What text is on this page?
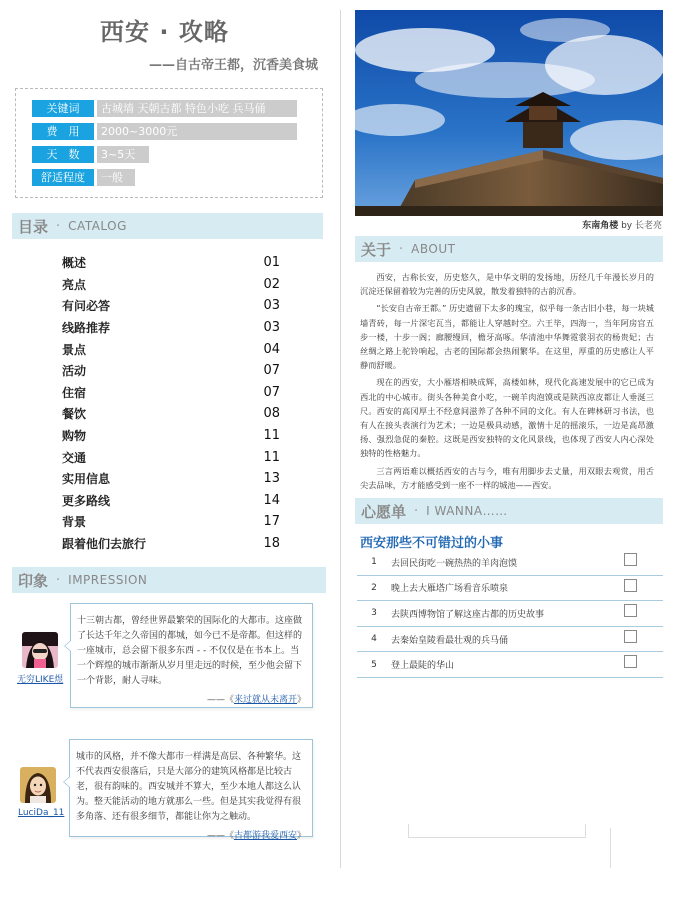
西安 · 攻略
——自古帝王都，沉香美食城
关键词	古城墙 天朝古都 特色小吃 兵马俑
费　用	2000~3000元
天　数	3~5天
舒适程度	一般
目录 · CATALOG
概述	01
亮点	02
有问必答	03
线路推荐	03
景点	04
活动	07
住宿	07
餐饮	08
购物	11
交通	11
实用信息	13
更多路线	14
背景	17
跟着他们去旅行	18
印象 · IMPRESSION
无穷LIKE煜
十三朝古都，曾经世界最繁荣的国际化的大都市。这座做了长达千年之久帝国的都城，如今已不是帝都。但这样的一座城市，总会留下很多东西 - - 不仅仅是在书本上。当一个辉煌的城市渐渐从岁月里走远的时候，至少他会留下一个背影，耐人寻味。
——《来过就从未离开》
LuciDa_11
城市的风格，并不像大都市一样满是高层、各种繁华。这不代表西安很落后，只是大部分的建筑风格都是比较古老，很有韵味的。西安城并不算大，至少本地人都这么认为。整天能活动的地方就那么一些。但是其实我觉得有很多角落、还有很多细节，都能让你为之触动。
——《古都游我爱西安》
东南角楼 by 长老亮
关于 · ABOUT

西安，古称长安，历史悠久，是中华文明的发扬地，历经几千年漫长岁月的沉淀还保留着较为完善的历史风貌，散发着独特的古韵沉香。

“长安自古帝王都。” 历史遗留下太多的瑰宝，似乎每一条古旧小巷，每一块城墙青砖，每一片深宅瓦当，都能让人穿越时空。六王毕，四海一，当年阿房宫五步一楼，十步一阁；廊腰缦回，檐牙高啄。华清池中华舞霓裳羽衣的杨贵妃；古丝绸之路上驼铃响起，古老的国际都会热闹繁华。在这里，厚重的历史感让人平静而舒暖。

现在的西安，大小雁塔相映成辉，高楼如林，现代化高速发展中的它已成为西北的中心城市。街头各种美食小吃，一碗羊肉泡馍或是陕西凉皮都让人垂涎三尺。西安的高冈厚土不经意间滋养了各种不同的文化。有人在碑林研习书法，也有人在接头表演行为艺术；一边是极具动感，激情十足的摇滚乐，一边是高昂激扬、强烈急促的秦腔。这既是西安独特的文化风景线，也体现了西安人内心深处独特的性格魅力。

三言两语难以概括西安的古与今，唯有用脚步去丈量，用双眼去观赏，用舌尖去品味，方才能感受到一座不一样的城池——西安。

心愿单 · I WANNA……
西安那些不可错过的小事
1	去回民街吃一碗热热的羊肉泡馍
2	晚上去大雁塔广场看音乐喷泉
3	去陕西博物馆了解这座古都的历史故事
4	去秦始皇陵看最壮观的兵马俑
5	登上最陡的华山
